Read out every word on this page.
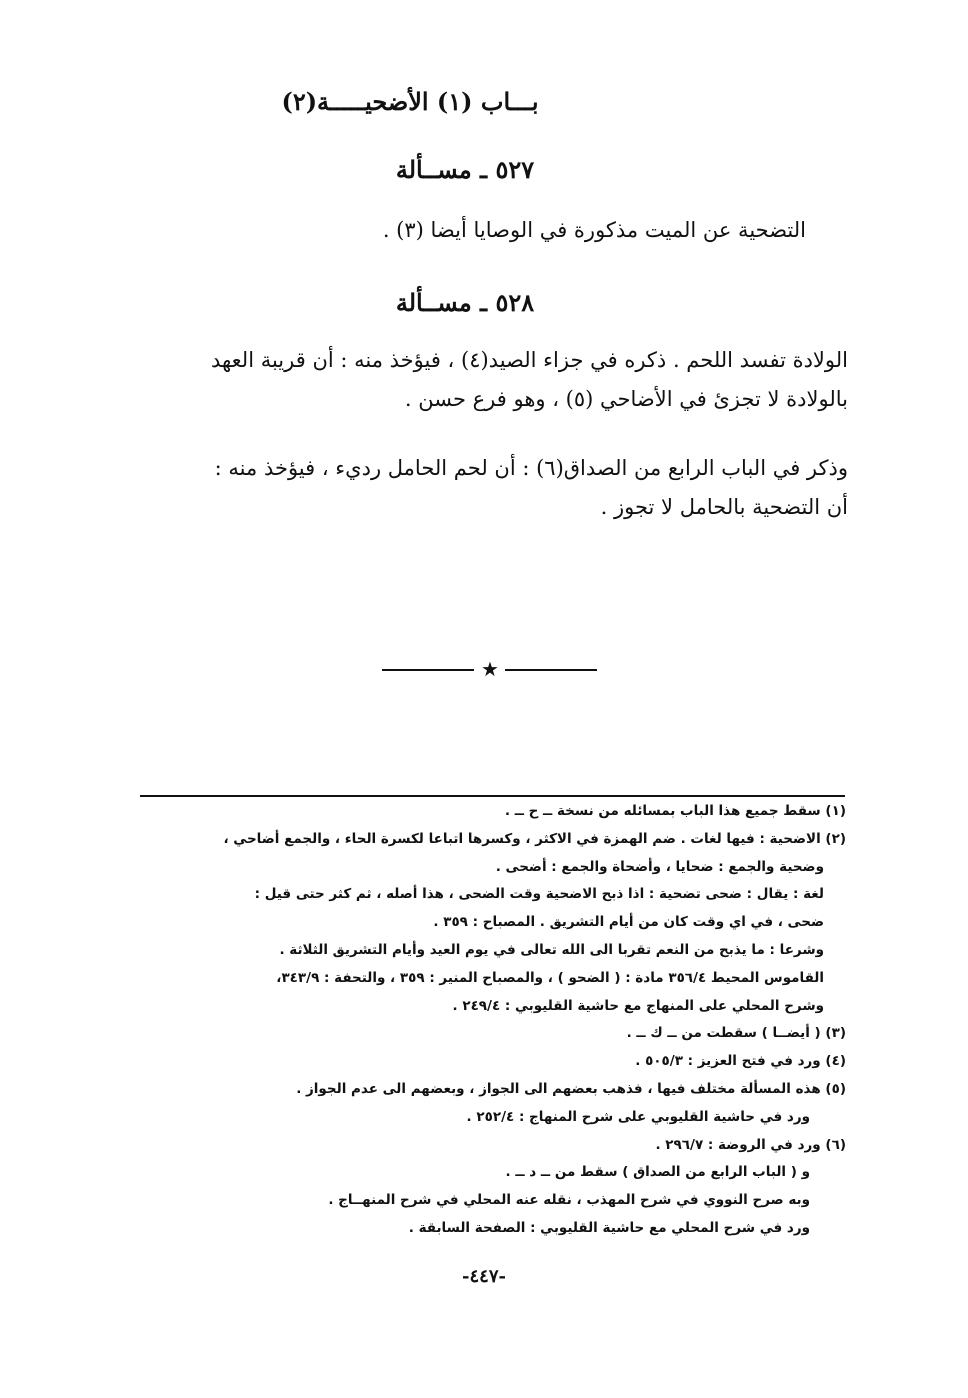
بـــاب (١) الأضحيـــــة(٢)
٥٢٧ ـ مســألة
التضحية عن الميت مذكورة في الوصايا أيضا (٣) .
٥٢٨ ـ مســألة
الولادة تفسد اللحم . ذكره في جزاء الصيد(٤) ، فيؤخذ منه : أن قريبة العهد
بالولادة لا تجزئ في الأضاحي (٥) ، وهو فرع حسن .
وذكر في الباب الرابع من الصداق(٦) : أن لحم الحامل رديء ، فيؤخذ منه :
أن التضحية بالحامل لا تجوز .
★
(١) سقط جميع هذا الباب بمسائله من نسخة ــ ح ــ .
(٢) الاضحية : فيها لغات . ضم الهمزة في الاكثر ، وكسرها اتباعا لكسرة الحاء ، والجمع أضاحي ،
وضحية والجمع : ضحايا ، وأضحاة والجمع : أضحى .
لغة : يقال : ضحى تضحية : اذا ذبح الاضحية وقت الضحى ، هذا أصله ، ثم كثر حتى قيل :
ضحى ، في اي وقت كان من أيام التشريق . المصباح : ٣٥٩ .
وشرعا : ما يذبح من النعم تقربا الى الله تعالى في يوم العيد وأيام التشريق الثلاثة .
القاموس المحيط ٣٥٦/٤ مادة : ( الضحو ) ، والمصباح المنير : ٣٥٩ ، والتحفة : ٣٤٣/٩،
وشرح المحلي على المنهاج مع حاشية القليوبي : ٢٤٩/٤ .
(٣) ( أيضــا ) سقطت من ــ ك ــ .
(٤) ورد في فتح العزيز : ٥٠٥/٣ .
(٥) هذه المسألة مختلف فيها ، فذهب بعضهم الى الجواز ، وبعضهم الى عدم الجواز .
ورد في حاشية القليوبي على شرح المنهاج : ٢٥٢/٤ .
(٦) ورد في الروضة : ٢٩٦/٧ .
و ( الباب الرابع من الصداق ) سقط من ــ د ــ .
وبه صرح النووي في شرح المهذب ، نقله عنه المحلي في شرح المنهــاج .
ورد في شرح المحلي مع حاشية القليوبي : الصفحة السابقة .
-٤٤٧-
